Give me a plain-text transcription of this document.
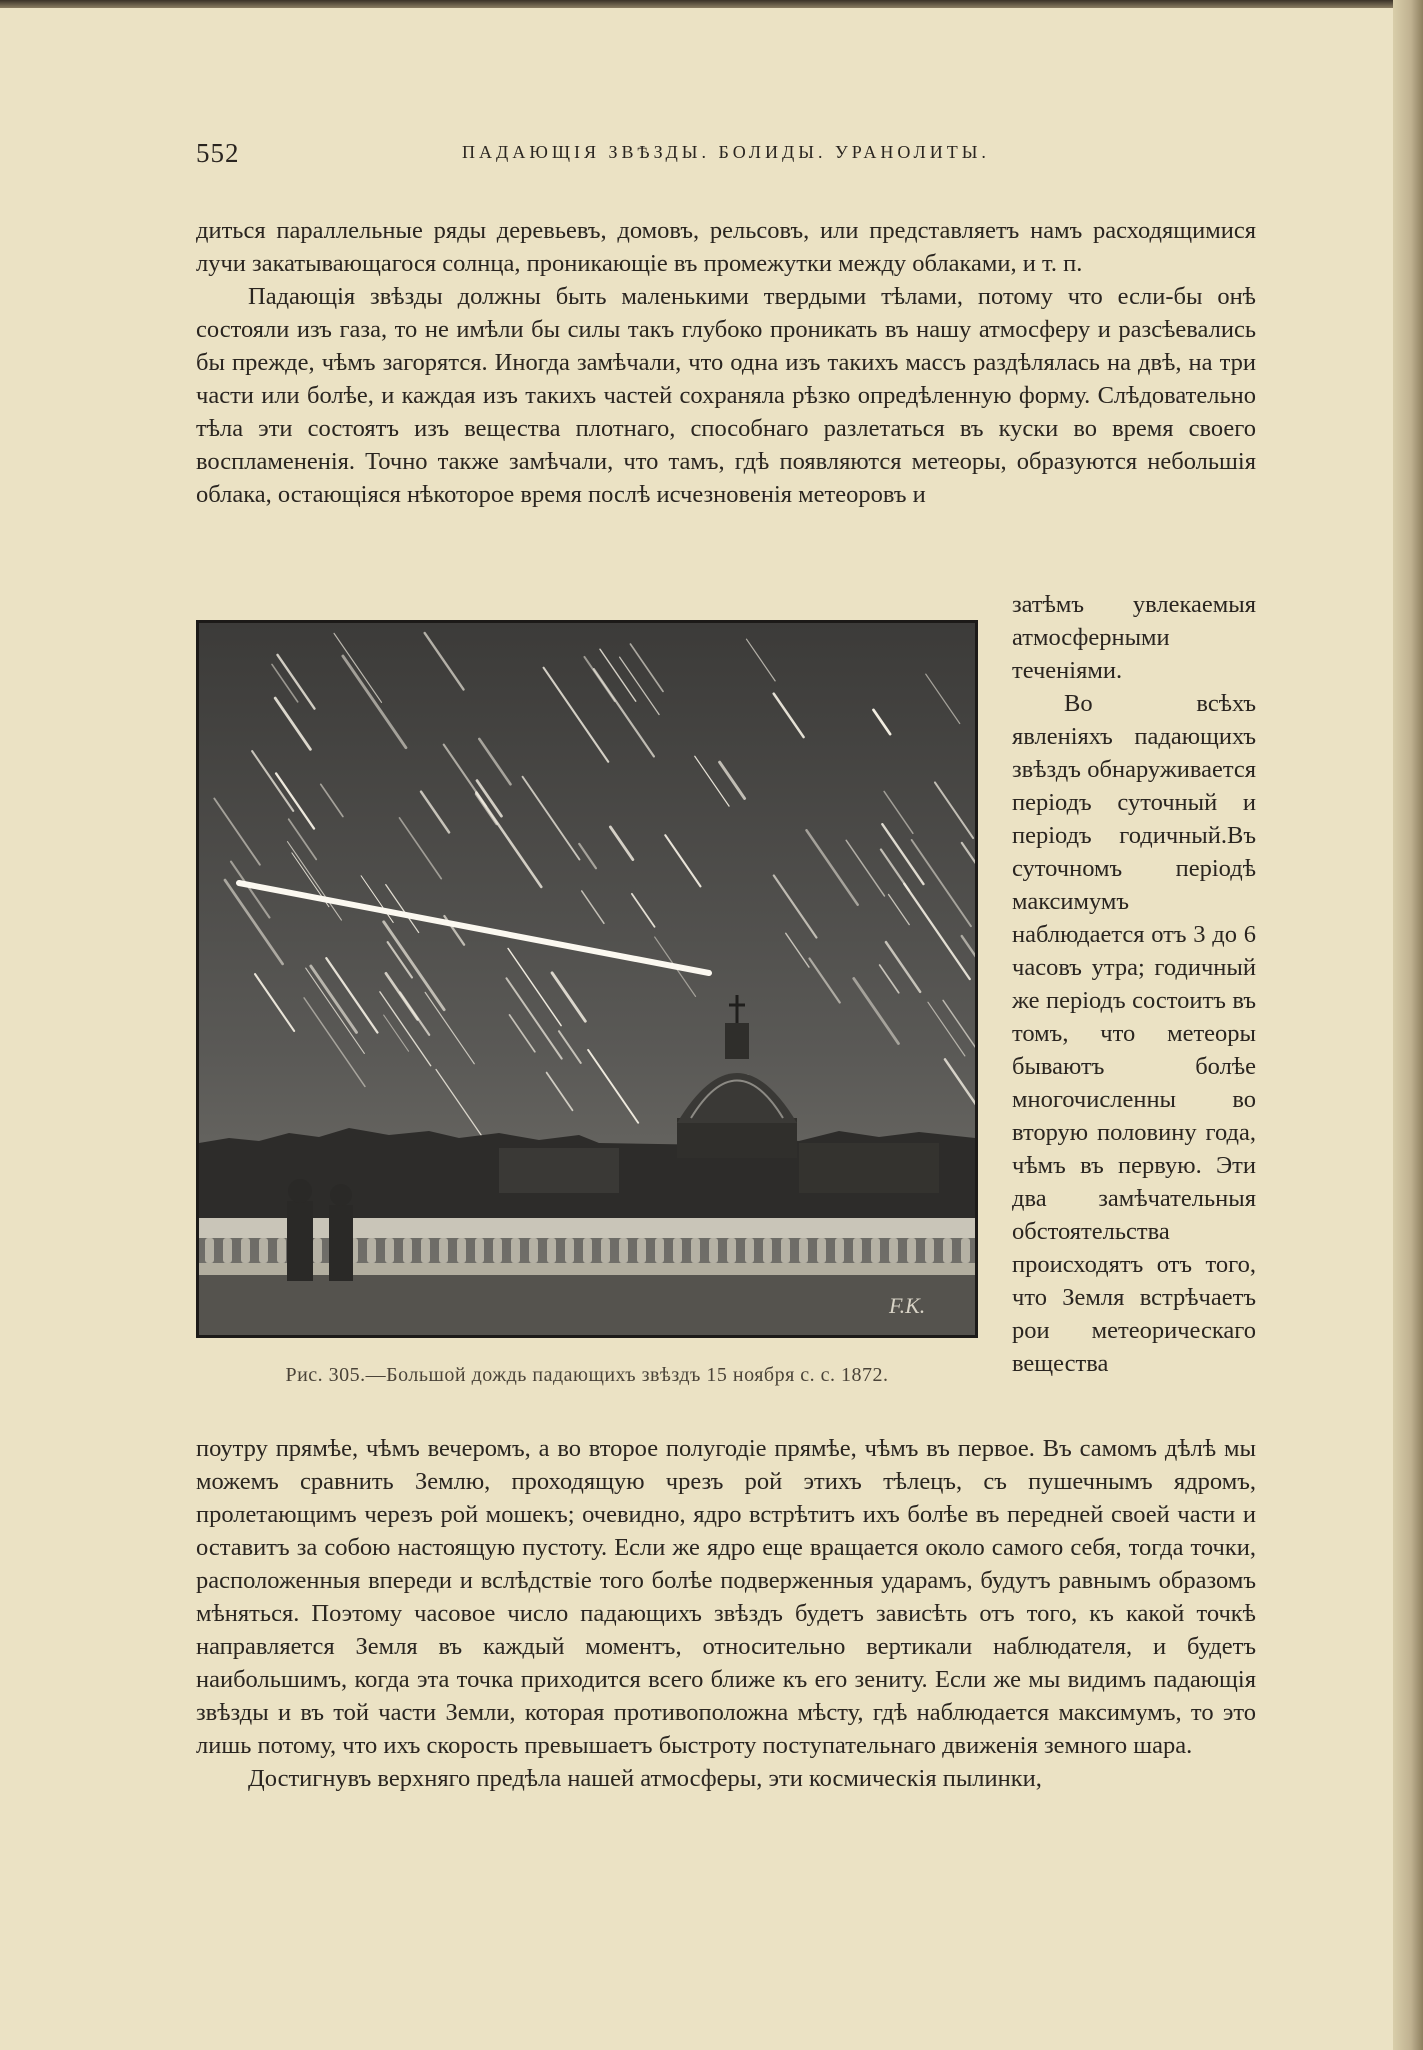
552	ПАДАЮЩІЯ ЗВѢЗДЫ. БОЛИДЫ. УРАНОЛИТЫ.

диться параллельные ряды деревьевъ, домовъ, рельсовъ, или представляетъ намъ расходящимися лучи закатывающагося солнца, проникающіе въ промежутки между облаками, и т. п.

Падающія звѣзды должны быть маленькими твердыми тѣлами, потому что если-бы онѣ состояли изъ газа, то не имѣли бы силы такъ глубоко проникать въ нашу атмосферу и разсѣевались бы прежде, чѣмъ загорятся. Иногда замѣчали, что одна изъ такихъ массъ раздѣлялась на двѣ, на три части или болѣе, и каждая изъ такихъ частей сохраняла рѣзко опредѣленную форму. Слѣдовательно тѣла эти состоятъ изъ вещества плотнаго, способнаго разлетаться въ куски во время своего воспламененія. Точно также замѣчали, что тамъ, гдѣ появляются метеоры, образуются небольшія облака, остающіяся нѣкоторое время послѣ исчезновенія метеоровъ и

затѣмъ увлекаемыя атмосферными теченіями.

Во всѣхъ явленіяхъ падающихъ звѣздъ обнаруживается періодъ суточный и періодъ годичный.Въ суточномъ періодѣ максимумъ наблюдается отъ 3 до 6 часовъ утра; годичный же періодъ состоитъ въ томъ, что метеоры бываютъ болѣе многочисленны во вторую половину года, чѣмъ въ первую. Эти два замѣчательныя обстоятельства происходятъ отъ того, что Земля встрѣчаетъ рои метеорическаго вещества

F.K.
Рис. 305.—Большой дождь падающихъ звѣздъ 15 ноября с. с. 1872.

поутру прямѣе, чѣмъ вечеромъ, а во второе полугодіе прямѣе, чѣмъ въ первое. Въ самомъ дѣлѣ мы можемъ сравнить Землю, проходящую чрезъ рой этихъ тѣлецъ, съ пушечнымъ ядромъ, пролетающимъ черезъ рой мошекъ; очевидно, ядро встрѣтитъ ихъ болѣе въ передней своей части и оставитъ за собою настоящую пустоту. Если же ядро еще вращается около самого себя, тогда точки, расположенныя впереди и вслѣдствіе того болѣе подверженныя ударамъ, будутъ равнымъ образомъ мѣняться. Поэтому часовое число падающихъ звѣздъ будетъ зависѣть отъ того, къ какой точкѣ направляется Земля въ каждый моментъ, относительно вертикали наблюдателя, и будетъ наибольшимъ, когда эта точка приходится всего ближе къ его зениту. Если же мы видимъ падающія звѣзды и въ той части Земли, которая противоположна мѣсту, гдѣ наблюдается максимумъ, то это лишь потому, что ихъ скорость превышаетъ быстроту поступательнаго движенія земного шара.

Достигнувъ верхняго предѣла нашей атмосферы, эти космическія пылинки,
